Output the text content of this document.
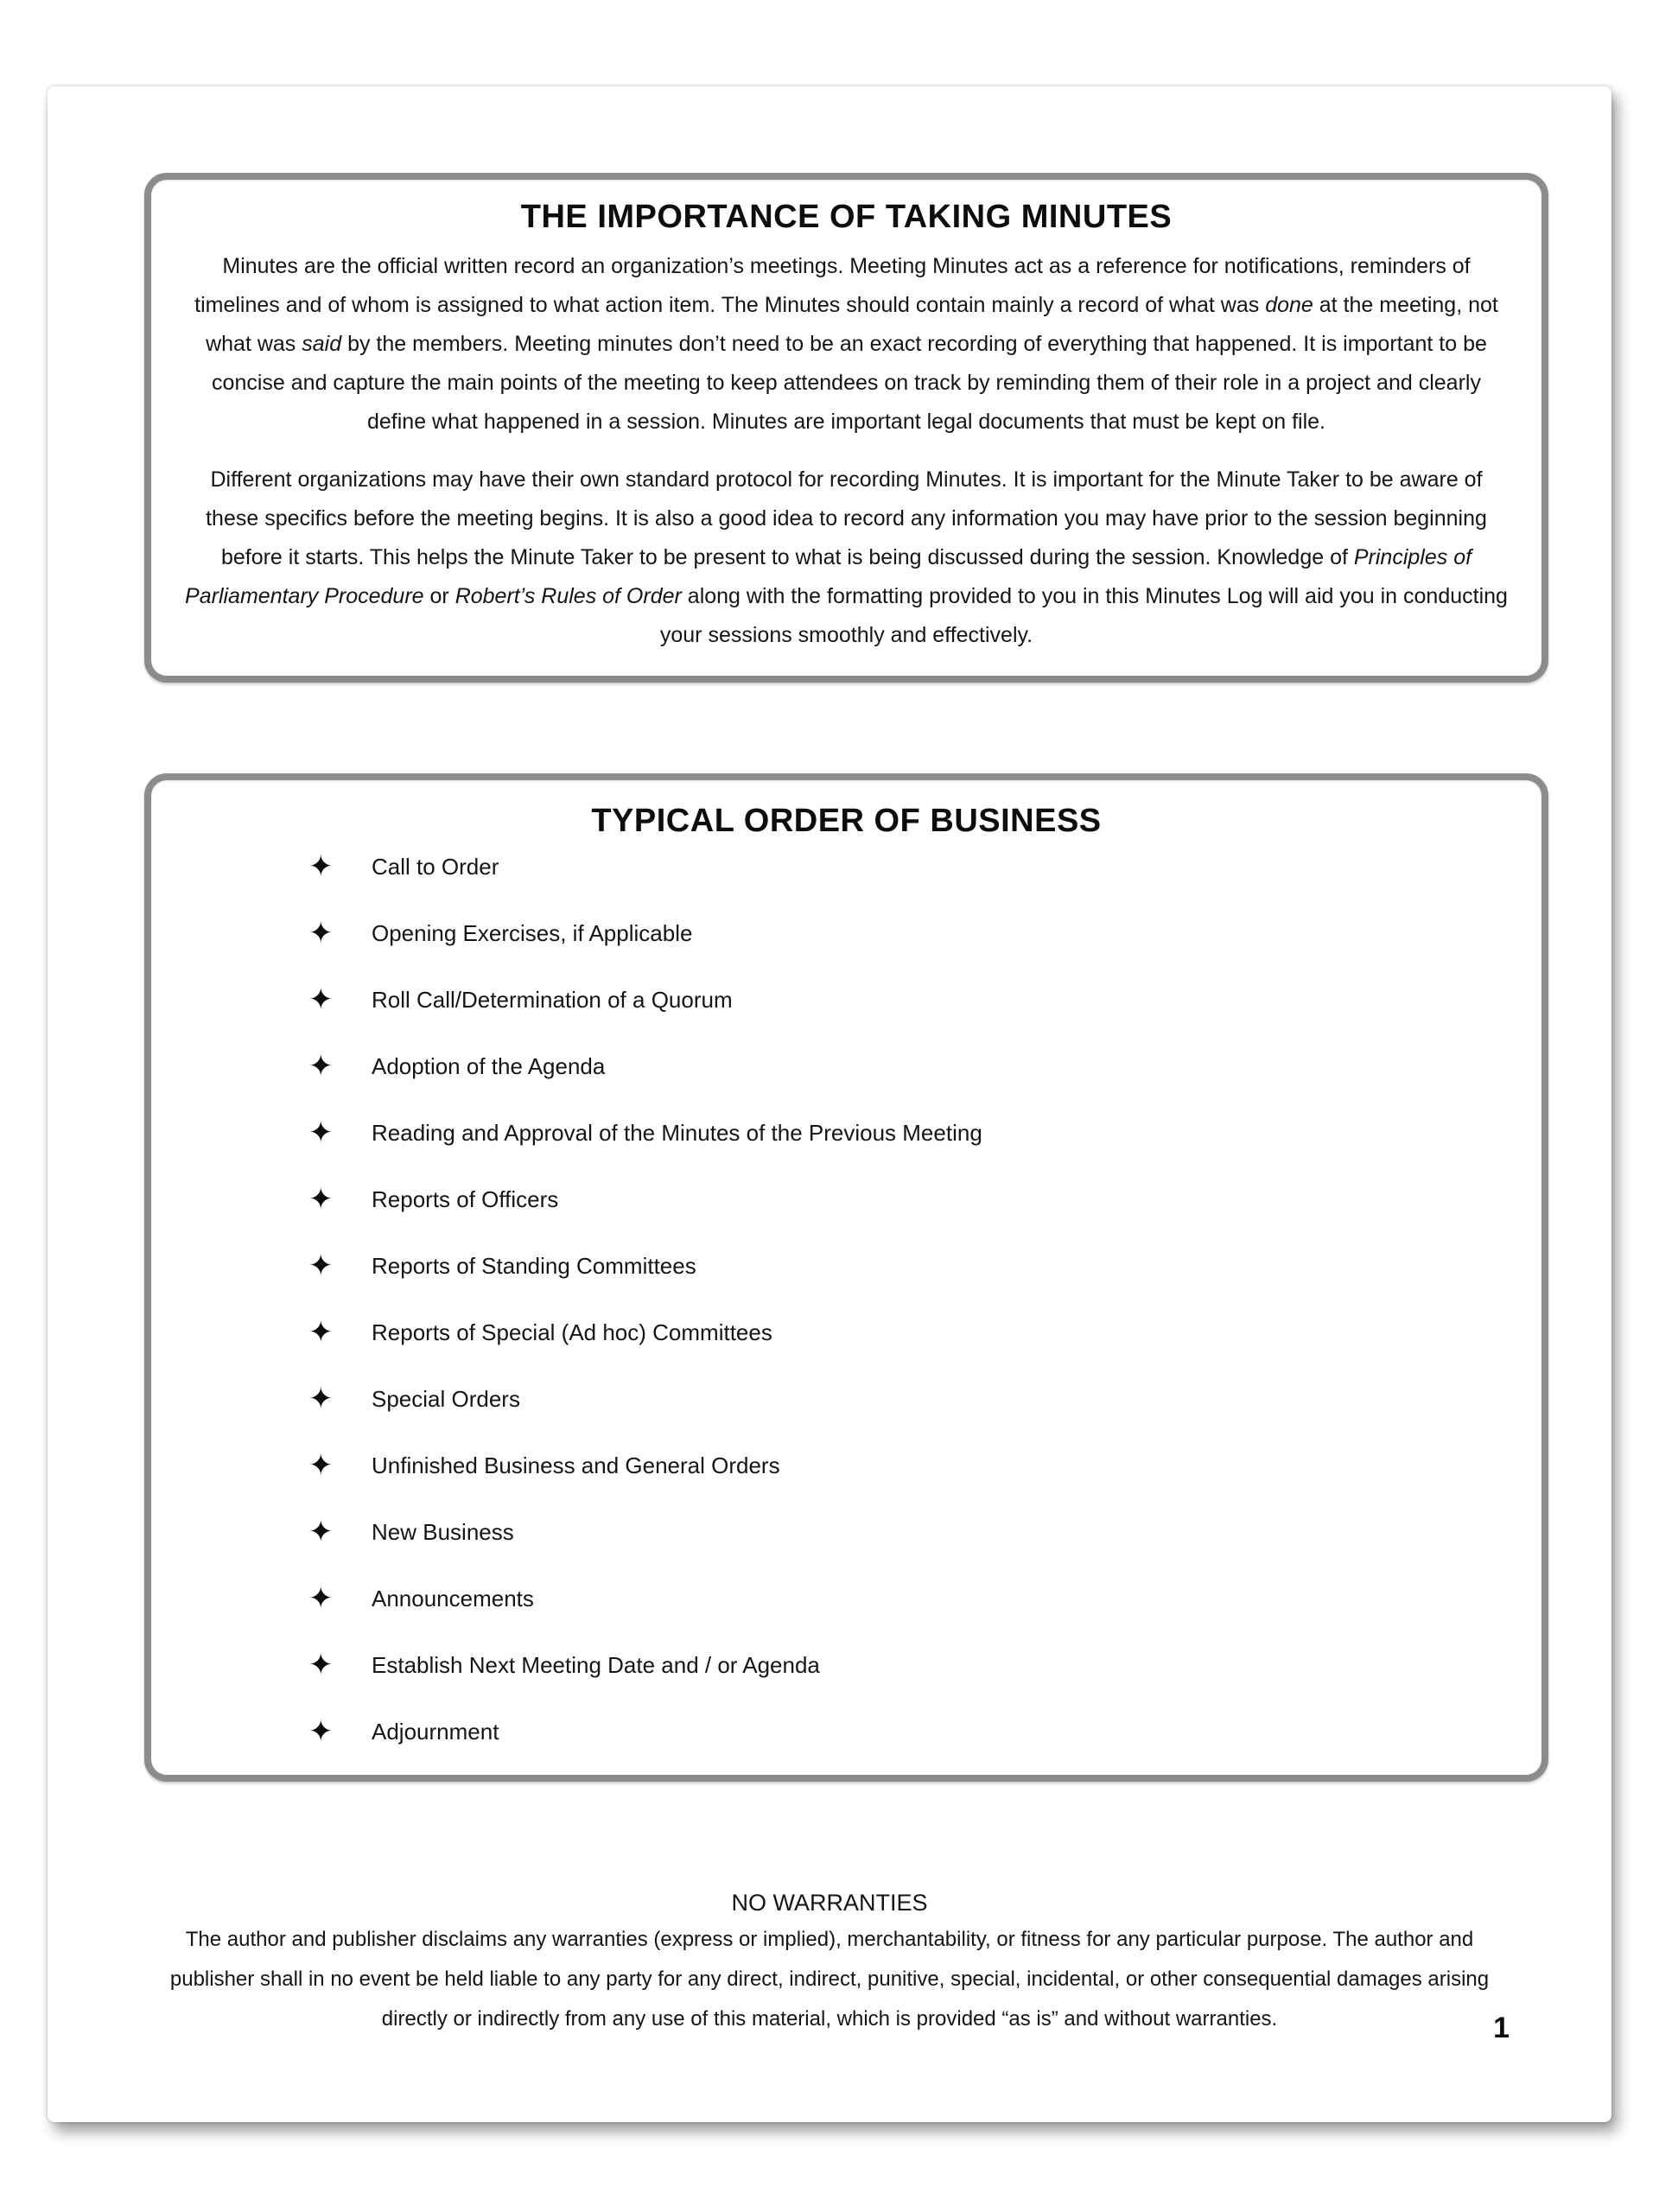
THE IMPORTANCE OF TAKING MINUTES

Minutes are the official written record an organization’s meetings. Meeting Minutes act as a reference for notifications, reminders of timelines and of whom is assigned to what action item. The Minutes should contain mainly a record of what was done at the meeting, not what was said by the members. Meeting minutes don’t need to be an exact recording of everything that happened. It is important to be concise and capture the main points of the meeting to keep attendees on track by reminding them of their role in a project and clearly define what happened in a session. Minutes are important legal documents that must be kept on file.

Different organizations may have their own standard protocol for recording Minutes. It is important for the Minute Taker to be aware of these specifics before the meeting begins. It is also a good idea to record any information you may have prior to the session beginning before it starts. This helps the Minute Taker to be present to what is being discussed during the session. Knowledge of Principles of Parliamentary Procedure or Robert’s Rules of Order along with the formatting provided to you in this Minutes Log will aid you in conducting your sessions smoothly and effectively.

TYPICAL ORDER OF BUSINESS
✦	Call to Order
✦	Opening Exercises, if Applicable
✦	Roll Call/Determination of a Quorum
✦	Adoption of the Agenda
✦	Reading and Approval of the Minutes of the Previous Meeting
✦	Reports of Officers
✦	Reports of Standing Committees
✦	Reports of Special (Ad hoc) Committees
✦	Special Orders
✦	Unfinished Business and General Orders
✦	New Business
✦	Announcements
✦	Establish Next Meeting Date and / or Agenda
✦	Adjournment
NO WARRANTIES

The author and publisher disclaims any warranties (express or implied), merchantability, or fitness for any particular purpose. The author and publisher shall in no event be held liable to any party for any direct, indirect, punitive, special, incidental, or other consequential damages arising directly or indirectly from any use of this material, which is provided “as is” and without warranties.	1
